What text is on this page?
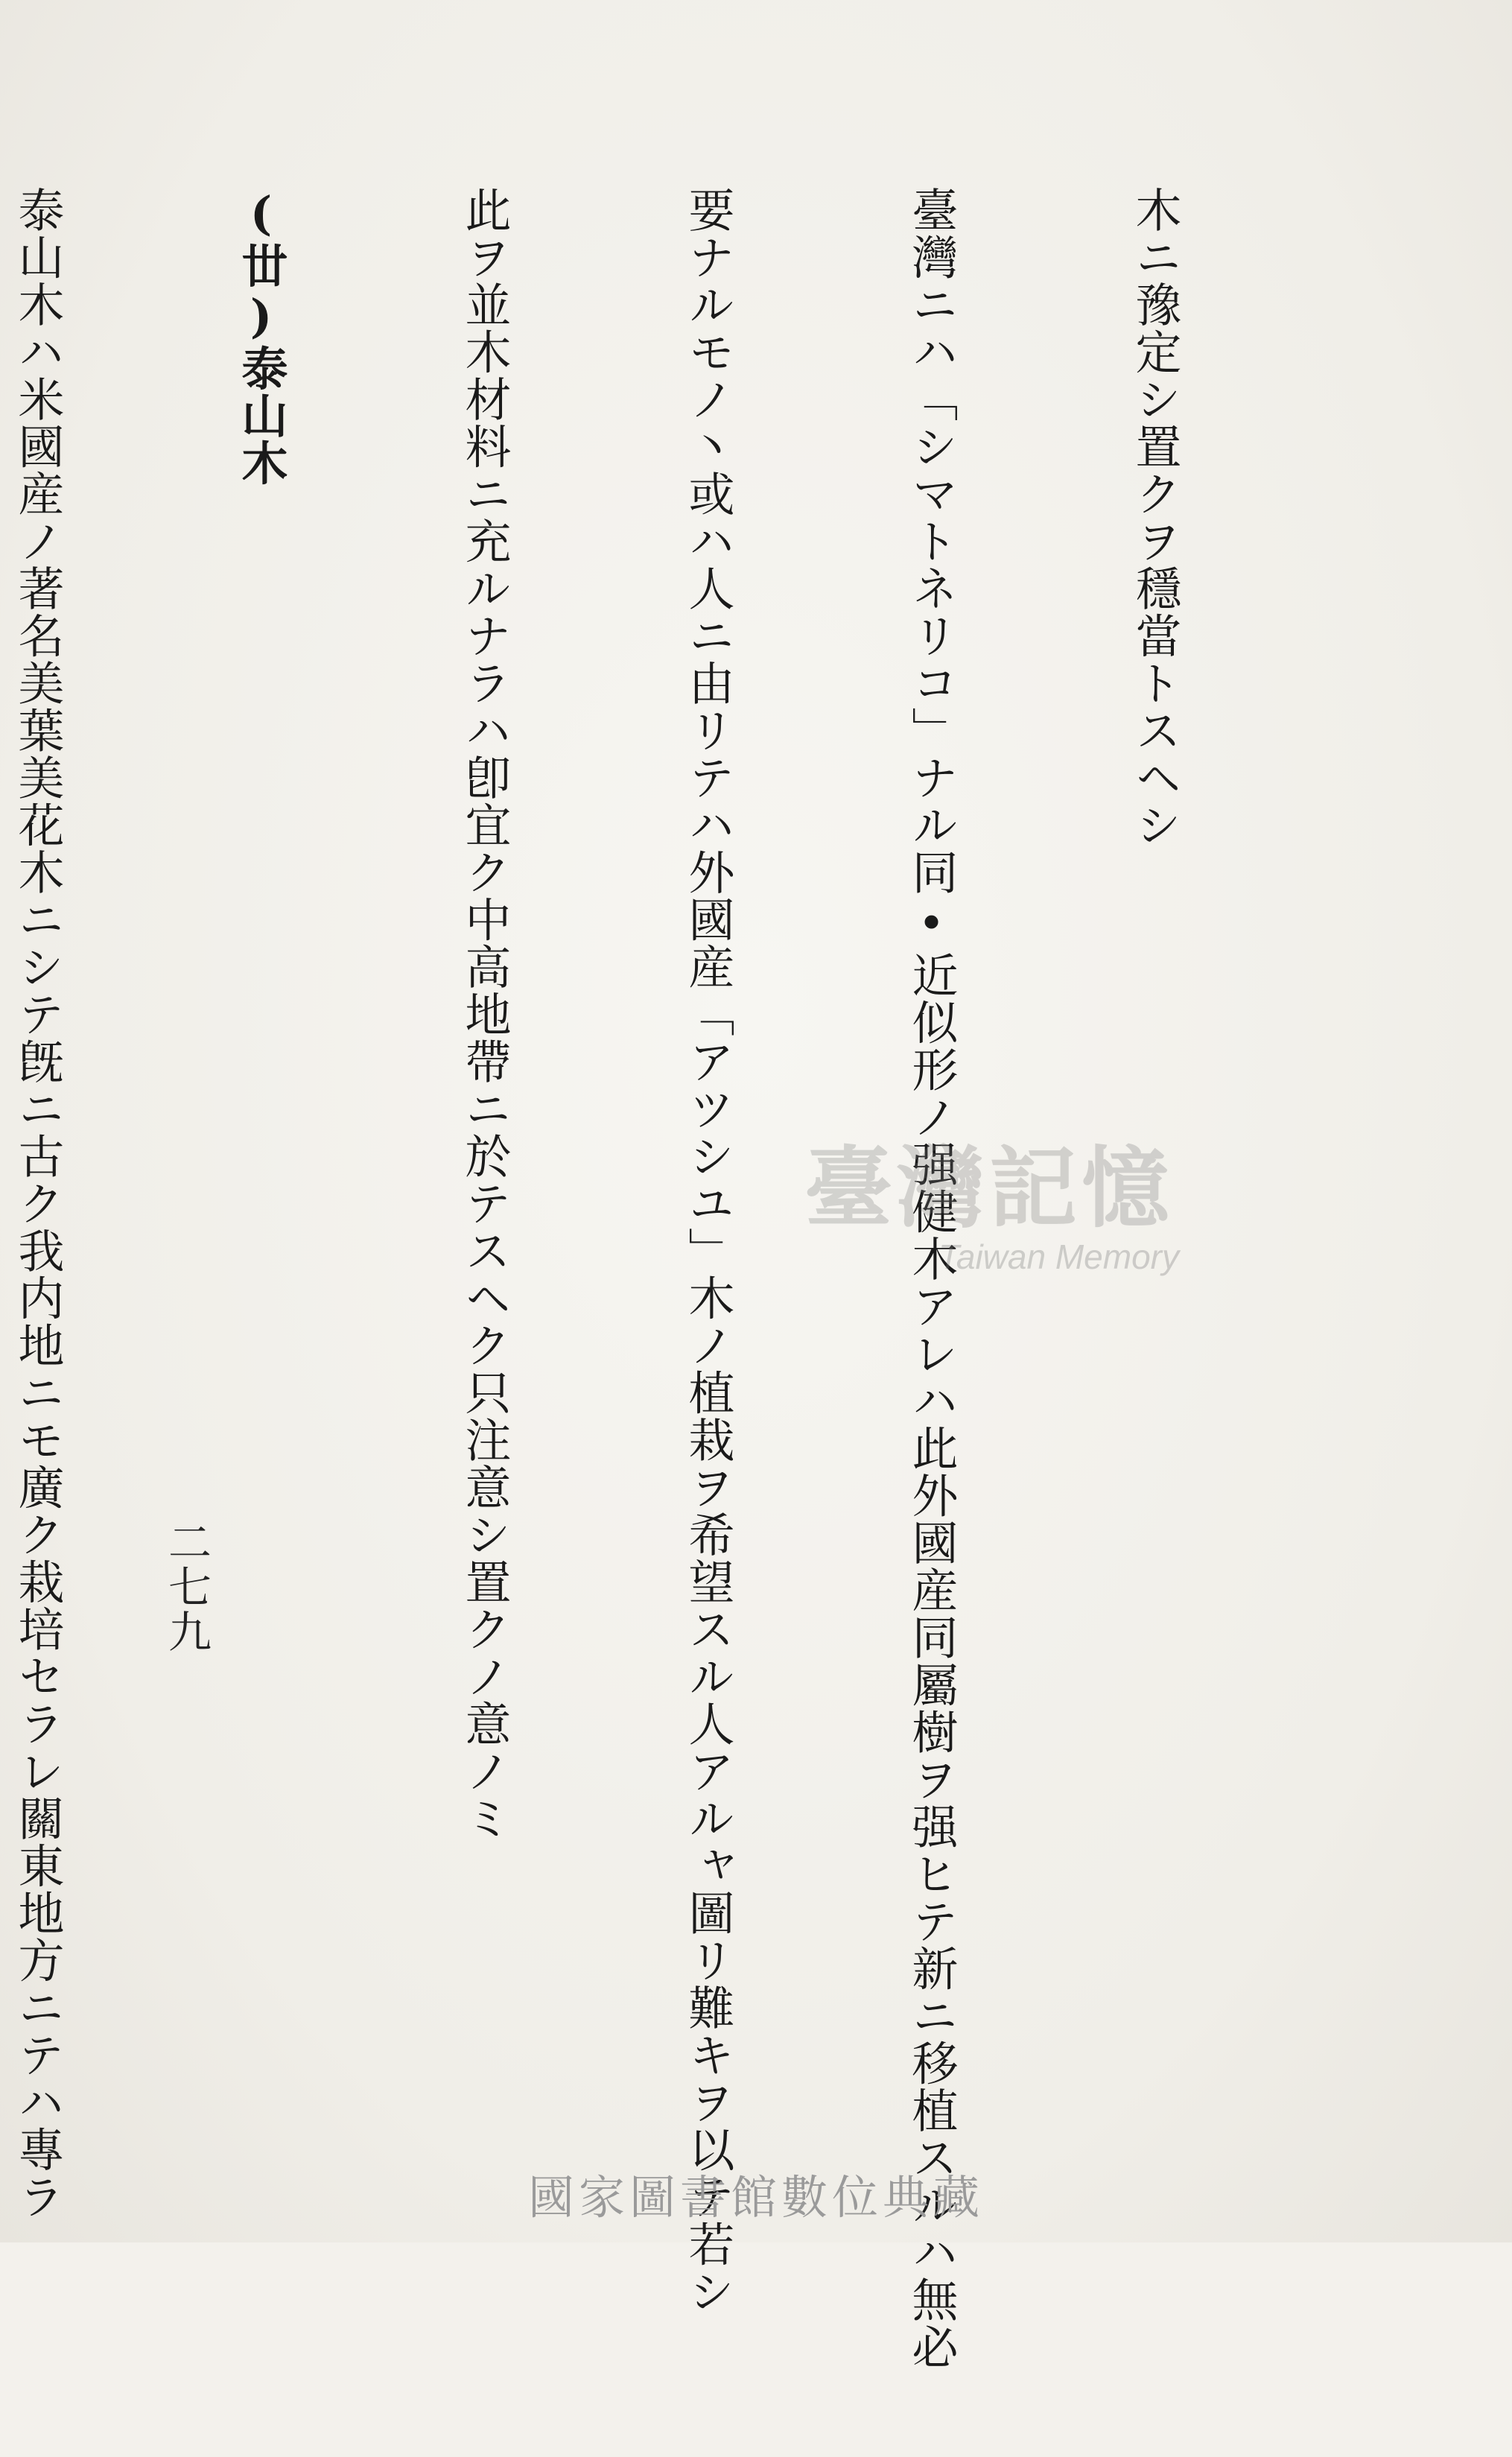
木ニ豫定シ置クヲ穩當トスヘシ

臺灣ニハ「シマトネリコ」ナル同•近似形ノ强健木アレハ此外國産同屬樹ヲ强ヒテ新ニ移植スルハ無必

要ナルモノ丶或ハ人ニ由リテハ外國産「アツシユ」木ノ植栽ヲ希望スル人アルャ圖リ難キヲ以テ若シ

此ヲ並木材料ニ充ルナラハ卽宜ク中高地帶ニ於テスヘク只注意シ置クノ意ノミ

(丗)泰山木

泰山木ハ米國産ノ著名美葉美花木ニシテ旣ニ古ク我内地ニモ廣ク栽培セラレ關東地方ニテハ專ラ

二七九
臺灣記憶
Taiwan Memory
國家圖書館數位典藏
